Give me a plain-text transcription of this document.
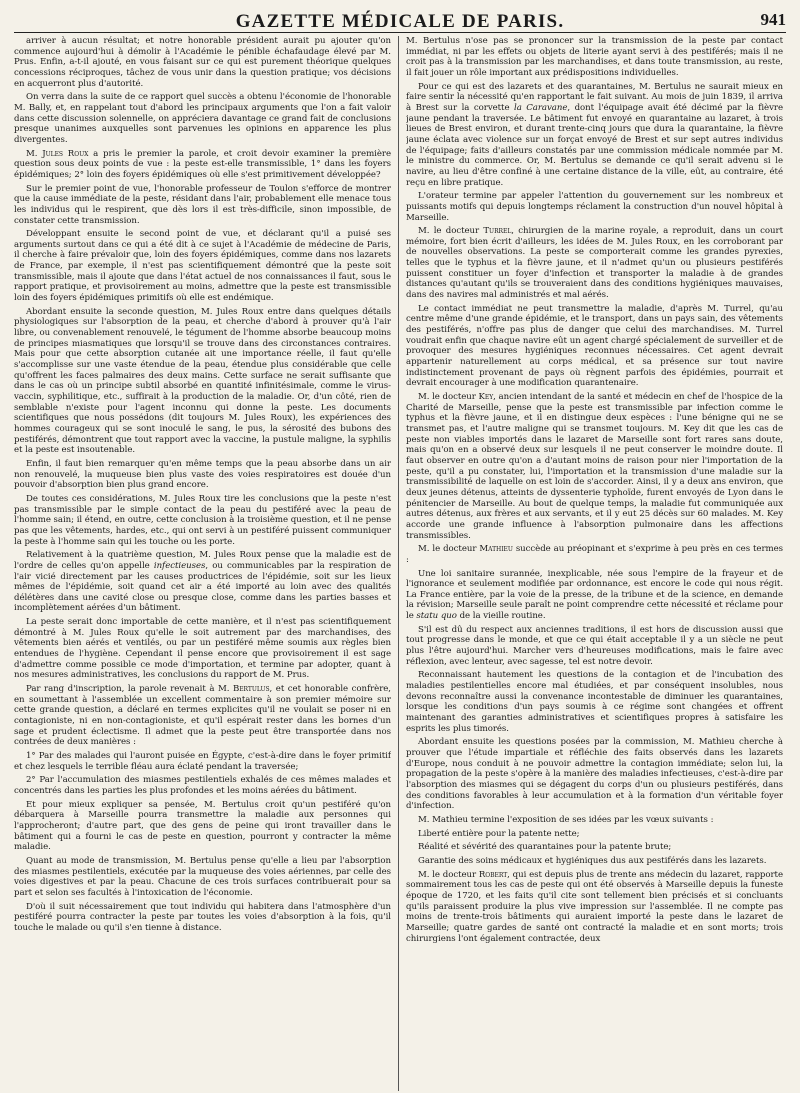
GAZETTE MÉDICALE DE PARIS.	941

arriver à aucun résultat; et notre honorable président aurait pu ajouter qu'on commence aujourd'hui à démolir à l'Académie le pénible échafaudage élevé par M. Prus. Enfin, a-t-il ajouté, en vous faisant sur ce qui est purement théorique quelques concessions réciproques, tâchez de vous unir dans la question pratique; vos décisions en acquerront plus d'autorité.

On verra dans la suite de ce rapport quel succès a obtenu l'économie de l'honorable M. Bally, et, en rappelant tout d'abord les principaux arguments que l'on a fait valoir dans cette discussion solennelle, on appréciera davantage ce grand fait de conclusions presque unanimes auxquelles sont parvenues les opinions en apparence les plus divergentes.

M. Jules Roux a pris le premier la parole, et croit devoir examiner la première question sous deux points de vue : la peste est-elle transmissible, 1° dans les foyers épidémiques; 2° loin des foyers épidémiques où elle s'est primitivement développée?

Sur le premier point de vue, l'honorable professeur de Toulon s'efforce de montrer que la cause immédiate de la peste, résidant dans l'air, probablement elle menace tous les individus qui le respirent, que dès lors il est très-difficile, sinon impossible, de constater cette transmission.

Développant ensuite le second point de vue, et déclarant qu'il a puisé ses arguments surtout dans ce qui a été dit à ce sujet à l'Académie de médecine de Paris, il cherche à faire prévaloir que, loin des foyers épidémiques, comme dans nos lazarets de France, par exemple, il n'est pas scientifiquement démontré que la peste soit transmissible, mais il ajoute que dans l'état actuel de nos connaissances il faut, sous le rapport pratique, et provisoirement au moins, admettre que la peste est transmissible loin des foyers épidémiques primitifs où elle est endémique.

Abordant ensuite la seconde question, M. Jules Roux entre dans quelques détails physiologiques sur l'absorption de la peau, et cherche d'abord à prouver qu'à l'air libre, ou convenablement renouvelé, le tégument de l'homme absorbe beaucoup moins de principes miasmatiques que lorsqu'il se trouve dans des circonstances contraires. Mais pour que cette absorption cutanée ait une importance réelle, il faut qu'elle s'accomplisse sur une vaste étendue de la peau, étendue plus considérable que celle qu'offrent les faces palmaires des deux mains. Cette surface ne serait suffisante que dans le cas où un principe subtil absorbé en quantité infinitésimale, comme le virus-vaccin, syphilitique, etc., suffirait à la production de la maladie. Or, d'un côté, rien de semblable n'existe pour l'agent inconnu qui donne la peste. Les documents scientifiques que nous possédons (dit toujours M. Jules Roux), les expériences des hommes courageux qui se sont inoculé le sang, le pus, la sérosité des bubons des pestiférés, démontrent que tout rapport avec la vaccine, la pustule maligne, la syphilis et la peste est insoutenable.

Enfin, il faut bien remarquer qu'en même temps que la peau absorbe dans un air non renouvelé, la muqueuse bien plus vaste des voies respiratoires est douée d'un pouvoir d'absorption bien plus grand encore.

De toutes ces considérations, M. Jules Roux tire les conclusions que la peste n'est pas transmissible par le simple contact de la peau du pestiféré avec la peau de l'homme sain; il étend, en outre, cette conclusion à la troisième question, et il ne pense pas que les vêtements, hardes, etc., qui ont servi à un pestiféré puissent communiquer la peste à l'homme sain qui les touche ou les porte.

Relativement à la quatrième question, M. Jules Roux pense que la maladie est de l'ordre de celles qu'on appelle infectieuses, ou communicables par la respiration de l'air vicié directement par les causes productrices de l'épidémie, soit sur les lieux mêmes de l'épidémie, soit quand cet air a été importé au loin avec des qualités délétères dans une cavité close ou presque close, comme dans les parties basses et incomplètement aérées d'un bâtiment.

La peste serait donc importable de cette manière, et il n'est pas scientifiquement démontré à M. Jules Roux qu'elle le soit autrement par des marchandises, des vêtements bien aérés et ventilés, ou par un pestiféré même soumis aux règles bien entendues de l'hygiène. Cependant il pense encore que provisoirement il est sage d'admettre comme possible ce mode d'importation, et termine par adopter, quant à nos mesures administratives, les conclusions du rapport de M. Prus.

Par rang d'inscription, la parole revenait à M. Bertulus, et cet honorable confrère, en soumettant à l'assemblée un excellent commentaire à son premier mémoire sur cette grande question, a déclaré en termes explicites qu'il ne voulait se poser ni en contagioniste, ni en non-contagioniste, et qu'il espérait rester dans les bornes d'un sage et prudent éclectisme. Il admet que la peste peut être transportée dans nos contrées de deux manières :

1° Par des malades qui l'auront puisée en Égypte, c'est-à-dire dans le foyer primitif et chez lesquels le terrible fléau aura éclaté pendant la traversée;

2° Par l'accumulation des miasmes pestilentiels exhalés de ces mêmes malades et concentrés dans les parties les plus profondes et les moins aérées du bâtiment.

Et pour mieux expliquer sa pensée, M. Bertulus croit qu'un pestiféré qu'on débarquera à Marseille pourra transmettre la maladie aux personnes qui l'approcheront; d'autre part, que des gens de peine qui iront travailler dans le bâtiment qui a fourni le cas de peste en question, pourront y contracter la même maladie.

Quant au mode de transmission, M. Bertulus pense qu'elle a lieu par l'absorption des miasmes pestilentiels, exécutée par la muqueuse des voies aériennes, par celle des voies digestives et par la peau. Chacune de ces trois surfaces contribuerait pour sa part et selon ses facultés à l'intoxication de l'économie.

D'où il suit nécessairement que tout individu qui habitera dans l'atmosphère d'un pestiféré pourra contracter la peste par toutes les voies d'absorption à la fois, qu'il touche le malade ou qu'il s'en tienne à distance.

M. Bertulus n'ose pas se prononcer sur la transmission de la peste par contact immédiat, ni par les effets ou objets de literie ayant servi à des pestiférés; mais il ne croit pas à la transmission par les marchandises, et dans toute transmission, au reste, il fait jouer un rôle important aux prédispositions individuelles.

Pour ce qui est des lazarets et des quarantaines, M. Bertulus ne saurait mieux en faire sentir la nécessité qu'en rapportant le fait suivant. Au mois de juin 1839, il arriva à Brest sur la corvette la Caravane, dont l'équipage avait été décimé par la fièvre jaune pendant la traversée. Le bâtiment fut envoyé en quarantaine au lazaret, à trois lieues de Brest environ, et durant trente-cinq jours que dura la quarantaine, la fièvre jaune éclata avec violence sur un forçat envoyé de Brest et sur sept autres individus de l'équipage; faits d'ailleurs constatés par une commission médicale nommée par M. le ministre du commerce. Or, M. Bertulus se demande ce qu'il serait advenu si le navire, au lieu d'être confiné à une certaine distance de la ville, eût, au contraire, été reçu en libre pratique.

L'orateur termine par appeler l'attention du gouvernement sur les nombreux et puissants motifs qui depuis longtemps réclament la construction d'un nouvel hôpital à Marseille.

M. le docteur Turrel, chirurgien de la marine royale, a reproduit, dans un court mémoire, fort bien écrit d'ailleurs, les idées de M. Jules Roux, en les corroborant par de nouvelles observations. La peste se comporterait comme les grandes pyrexies, telles que le typhus et la fièvre jaune, et il n'admet qu'un ou plusieurs pestiférés puissent constituer un foyer d'infection et transporter la maladie à de grandes distances qu'autant qu'ils se trouveraient dans des conditions hygiéniques mauvaises, dans des navires mal administrés et mal aérés.

Le contact immédiat ne peut transmettre la maladie, d'après M. Turrel, qu'au centre même d'une grande épidémie, et le transport, dans un pays sain, des vêtements des pestiférés, n'offre pas plus de danger que celui des marchandises. M. Turrel voudrait enfin que chaque navire eût un agent chargé spécialement de surveiller et de provoquer des mesures hygiéniques reconnues nécessaires. Cet agent devrait appartenir naturellement au corps médical, et sa présence sur tout navire indistinctement provenant de pays où règnent parfois des épidémies, pourrait et devrait encourager à une modification quarantenaire.

M. le docteur Key, ancien intendant de la santé et médecin en chef de l'hospice de la Charité de Marseille, pense que la peste est transmissible par infection comme le typhus et la fièvre jaune, et il en distingue deux espèces : l'une bénigne qui ne se transmet pas, et l'autre maligne qui se transmet toujours. M. Key dit que les cas de peste non viables importés dans le lazaret de Marseille sont fort rares sans doute, mais qu'on en a observé deux sur lesquels il ne peut conserver le moindre doute. Il faut observer en outre qu'on a d'autant moins de raison pour nier l'importation de la peste, qu'il a pu constater, lui, l'importation et la transmission d'une maladie sur la transmissibilité de laquelle on est loin de s'accorder. Ainsi, il y a deux ans environ, que deux jeunes détenus, atteints de dyssenterie typhoïde, furent envoyés de Lyon dans le pénitencier de Marseille. Au bout de quelque temps, la maladie fut communiquée aux autres détenus, aux frères et aux servants, et il y eut 25 décès sur 60 malades. M. Key accorde une grande influence à l'absorption pulmonaire dans les affections transmissibles.

M. le docteur Mathieu succède au préopinant et s'exprime à peu près en ces termes :

Une loi sanitaire surannée, inexplicable, née sous l'empire de la frayeur et de l'ignorance et seulement modifiée par ordonnance, est encore le code qui nous régit. La France entière, par la voie de la presse, de la tribune et de la science, en demande la révision; Marseille seule paraît ne point comprendre cette nécessité et réclame pour le statu quo de la vieille routine.

S'il est dû du respect aux anciennes traditions, il est hors de discussion aussi que tout progresse dans le monde, et que ce qui était acceptable il y a un siècle ne peut plus l'être aujourd'hui. Marcher vers d'heureuses modifications, mais le faire avec réflexion, avec lenteur, avec sagesse, tel est notre devoir.

Reconnaissant hautement les questions de la contagion et de l'incubation des maladies pestilentielles encore mal étudiées, et par conséquent insolubles, nous devons reconnaître aussi la convenance incontestable de diminuer les quarantaines, lorsque les conditions d'un pays soumis à ce régime sont changées et offrent maintenant des garanties administratives et scientifiques propres à satisfaire les esprits les plus timorés.

Abordant ensuite les questions posées par la commission, M. Mathieu cherche à prouver que l'étude impartiale et réfléchie des faits observés dans les lazarets d'Europe, nous conduit à ne pouvoir admettre la contagion immédiate; selon lui, la propagation de la peste s'opère à la manière des maladies infectieuses, c'est-à-dire par l'absorption des miasmes qui se dégagent du corps d'un ou plusieurs pestiférés, dans des conditions favorables à leur accumulation et à la formation d'un véritable foyer d'infection.

M. Mathieu termine l'exposition de ses idées par les vœux suivants :

Liberté entière pour la patente nette;

Réalité et sévérité des quarantaines pour la patente brute;

Garantie des soins médicaux et hygiéniques dus aux pestiférés dans les lazarets.

M. le docteur Robert, qui est depuis plus de trente ans médecin du lazaret, rapporte sommairement tous les cas de peste qui ont été observés à Marseille depuis la funeste époque de 1720, et les faits qu'il cite sont tellement bien précisés et si concluants qu'ils paraissent produire la plus vive impression sur l'assemblée. Il ne compte pas moins de trente-trois bâtiments qui auraient importé la peste dans le lazaret de Marseille; quatre gardes de santé ont contracté la maladie et en sont morts; trois chirurgiens l'ont également contractée, deux
